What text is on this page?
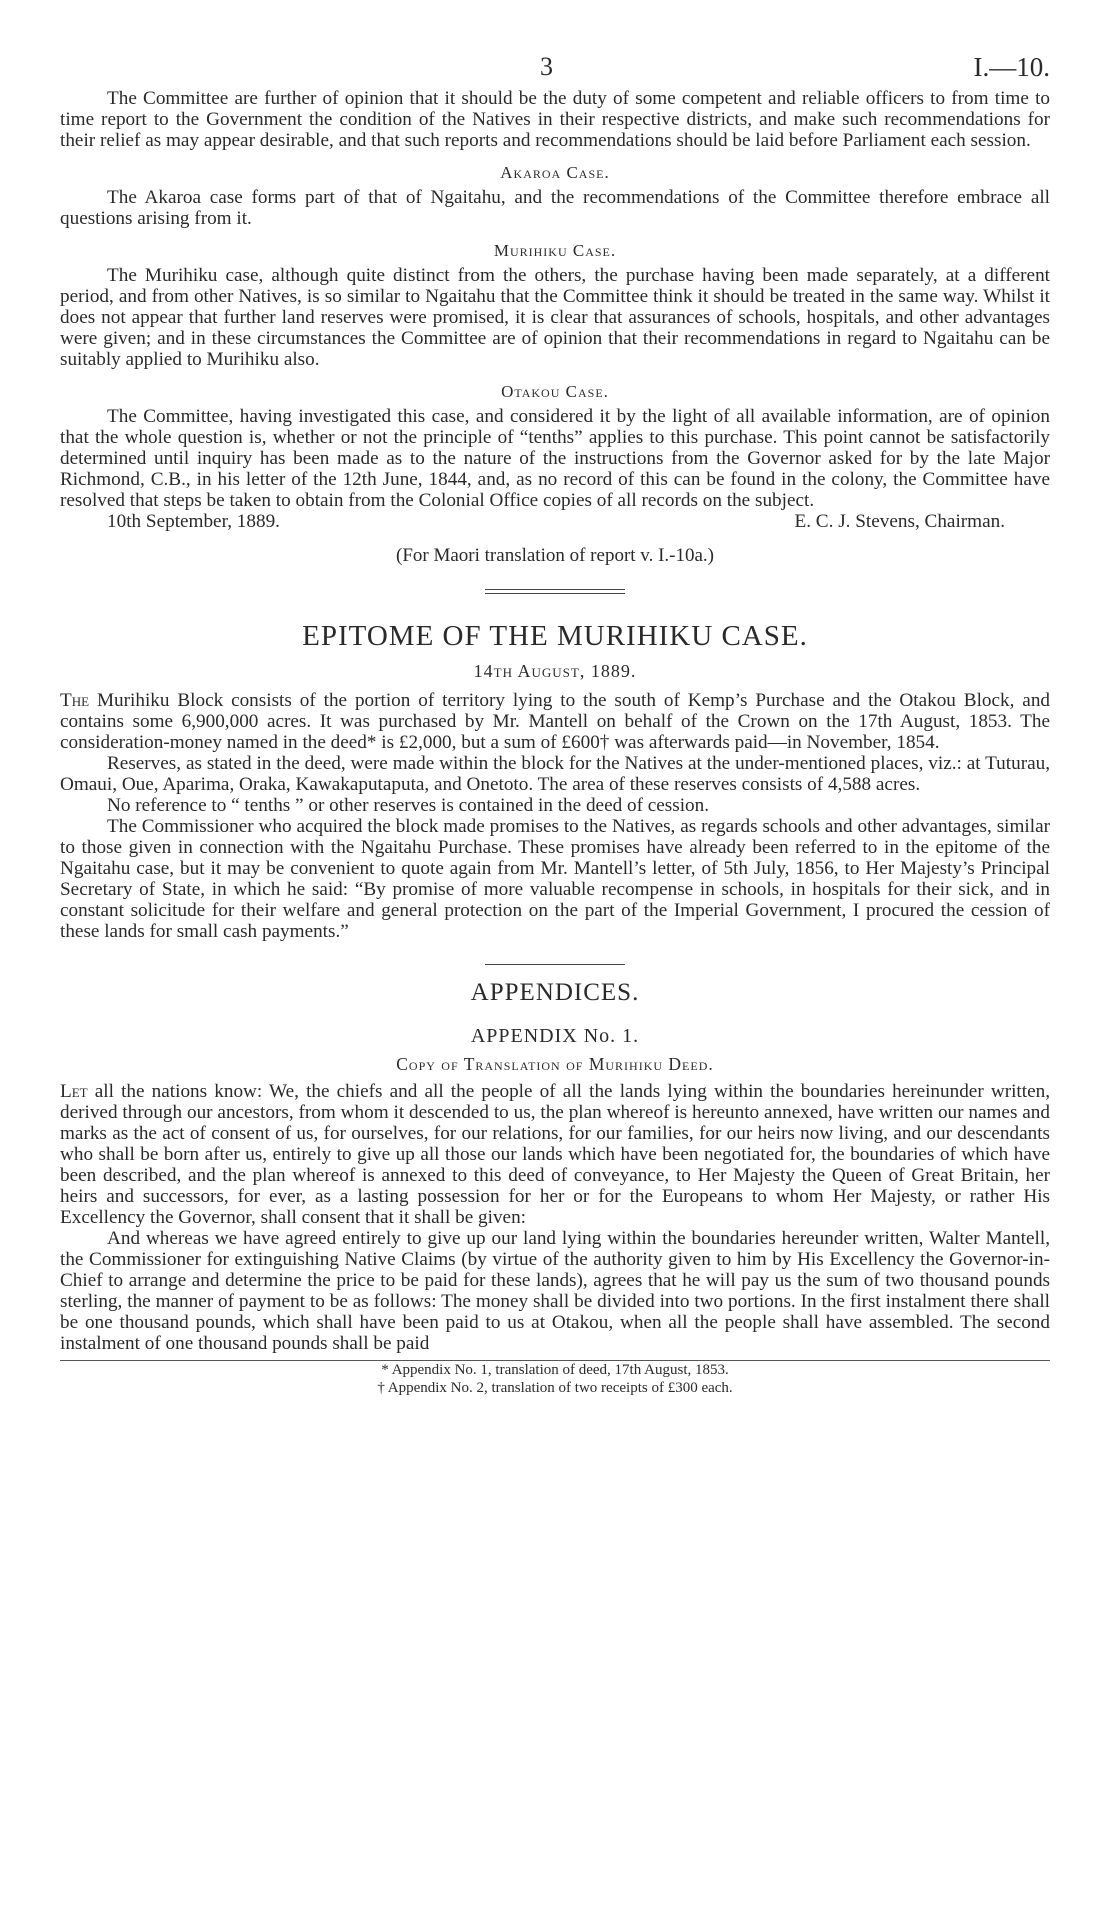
3	I.—10.

The Committee are further of opinion that it should be the duty of some competent and reliable officers to from time to time report to the Government the condition of the Natives in their respective districts, and make such recommendations for their relief as may appear desirable, and that such reports and recommendations should be laid before Parliament each session.

Akaroa Case.

The Akaroa case forms part of that of Ngaitahu, and the recommendations of the Committee therefore embrace all questions arising from it.

Murihiku Case.

The Murihiku case, although quite distinct from the others, the purchase having been made separately, at a different period, and from other Natives, is so similar to Ngaitahu that the Committee think it should be treated in the same way. Whilst it does not appear that further land reserves were promised, it is clear that assurances of schools, hospitals, and other advantages were given; and in these circumstances the Committee are of opinion that their recommendations in regard to Ngaitahu can be suitably applied to Murihiku also.

Otakou Case.

The Committee, having investigated this case, and considered it by the light of all available information, are of opinion that the whole question is, whether or not the principle of “tenths” applies to this purchase. This point cannot be satisfactorily determined until inquiry has been made as to the nature of the instructions from the Governor asked for by the late Major Richmond, C.B., in his letter of the 12th June, 1844, and, as no record of this can be found in the colony, the Committee have resolved that steps be taken to obtain from the Colonial Office copies of all records on the subject.

10th September, 1889.	E. C. J. Stevens, Chairman.
(For Maori translation of report v. I.-10a.)
EPITOME OF THE MURIHIKU CASE.
14th August, 1889.

The Murihiku Block consists of the portion of territory lying to the south of Kemp’s Purchase and the Otakou Block, and contains some 6,900,000 acres. It was purchased by Mr. Mantell on behalf of the Crown on the 17th August, 1853. The consideration-money named in the deed* is £2,000, but a sum of £600† was afterwards paid—in November, 1854.

Reserves, as stated in the deed, were made within the block for the Natives at the under-mentioned places, viz.: at Tuturau, Omaui, Oue, Aparima, Oraka, Kawakaputaputa, and Onetoto. The area of these reserves consists of 4,588 acres.

No reference to “ tenths ” or other reserves is contained in the deed of cession.

The Commissioner who acquired the block made promises to the Natives, as regards schools and other advantages, similar to those given in connection with the Ngaitahu Purchase. These promises have already been referred to in the epitome of the Ngaitahu case, but it may be convenient to quote again from Mr. Mantell’s letter, of 5th July, 1856, to Her Majesty’s Principal Secretary of State, in which he said: “By promise of more valuable recompense in schools, in hospitals for their sick, and in constant solicitude for their welfare and general protection on the part of the Imperial Government, I procured the cession of these lands for small cash payments.”

APPENDICES.
APPENDIX No. 1.
Copy of Translation of Murihiku Deed.

Let all the nations know: We, the chiefs and all the people of all the lands lying within the boundaries hereinunder written, derived through our ancestors, from whom it descended to us, the plan whereof is hereunto annexed, have written our names and marks as the act of consent of us, for ourselves, for our relations, for our families, for our heirs now living, and our descendants who shall be born after us, entirely to give up all those our lands which have been negotiated for, the boundaries of which have been described, and the plan whereof is annexed to this deed of conveyance, to Her Majesty the Queen of Great Britain, her heirs and successors, for ever, as a lasting possession for her or for the Europeans to whom Her Majesty, or rather His Excellency the Governor, shall consent that it shall be given:

And whereas we have agreed entirely to give up our land lying within the boundaries hereunder written, Walter Mantell, the Commissioner for extinguishing Native Claims (by virtue of the authority given to him by His Excellency the Governor-in-Chief to arrange and determine the price to be paid for these lands), agrees that he will pay us the sum of two thousand pounds sterling, the manner of payment to be as follows: The money shall be divided into two portions. In the first instalment there shall be one thousand pounds, which shall have been paid to us at Otakou, when all the people shall have assembled. The second instalment of one thousand pounds shall be paid

* Appendix No. 1, translation of deed, 17th August, 1853.

† Appendix No. 2, translation of two receipts of £300 each.
